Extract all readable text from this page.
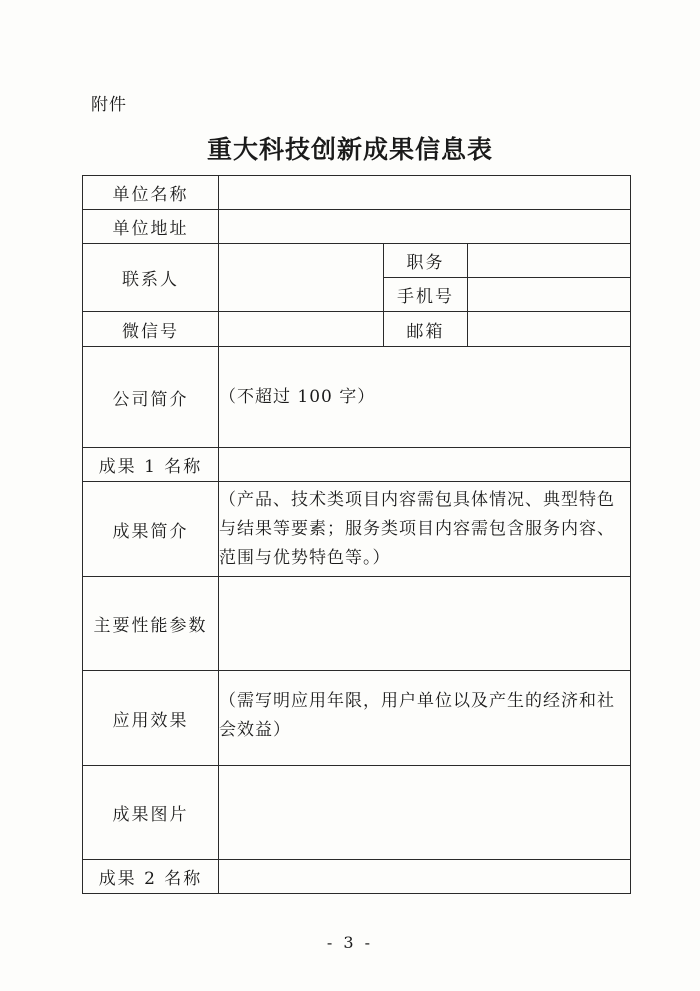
附件
重大科技创新成果信息表
单位名称			
单位地址			
联系人		职务	
		手机号	
微信号		邮箱	
公司简介	（不超过 100 字）		
成果 1 名称			
成果简介	（产品、技术类项目内容需包具体情况、典型特色与结果等要素；服务类项目内容需包含服务内容、范围与优势特色等。）		
主要性能参数			
应用效果	（需写明应用年限，用户单位以及产生的经济和社会效益）		
成果图片			
成果 2 名称			
- 3 -
